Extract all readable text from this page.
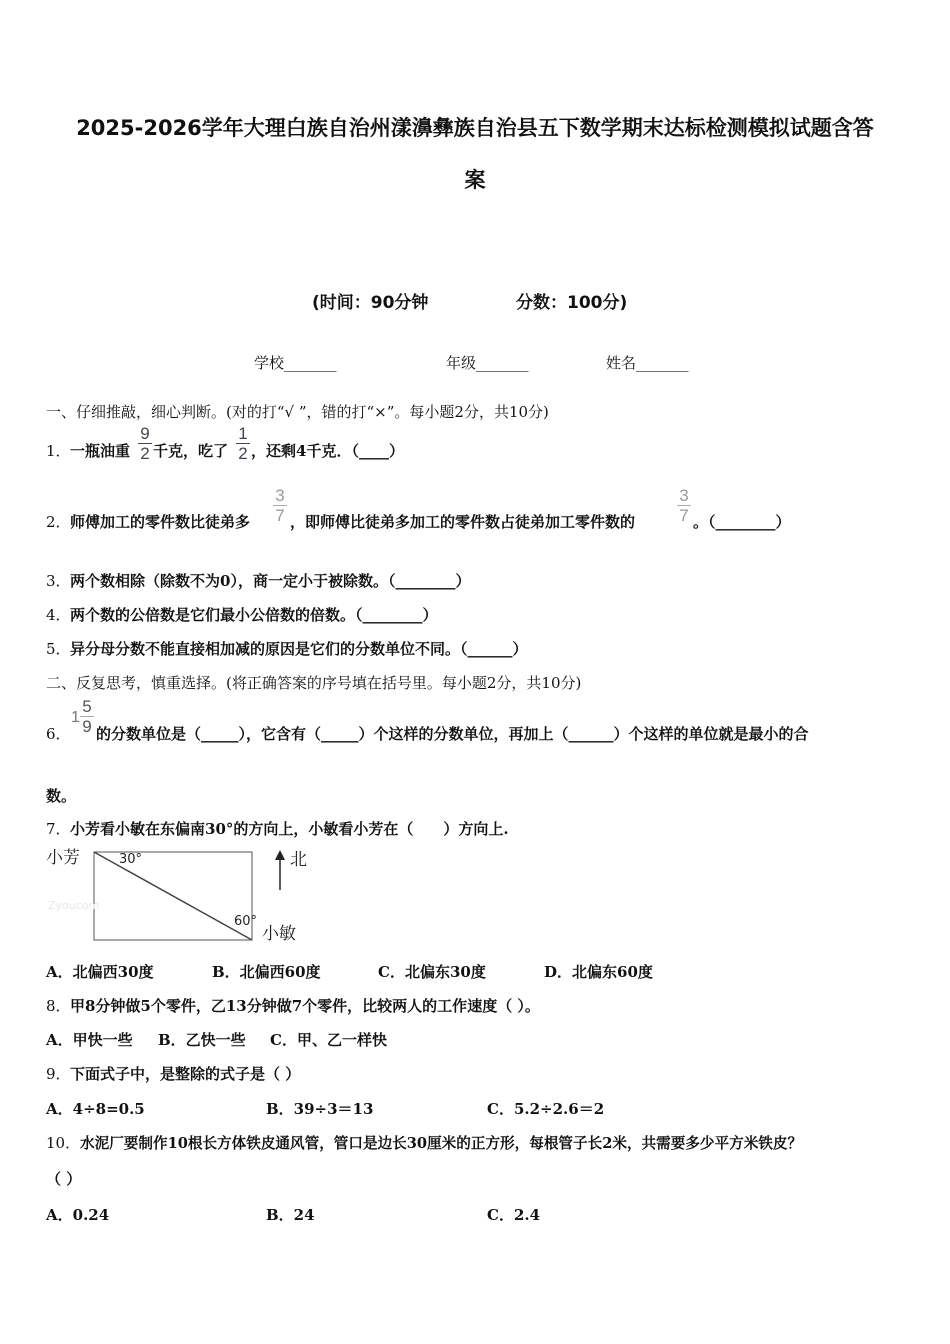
2025-2026学年大理白族自治州漾濞彝族自治县五下数学期末达标检测模拟试题含答
案
(时间：90分钟	分数：100分)
学校_______	年级_______	姓名_______
一、仔细推敲，细心判断。(对的打“√ ”，错的打“×”。每小题2分，共10分)
1． 一瓶油重 $\frac{9}{2}$ 千克，吃了 $\frac{1}{2}$ ，还剩4千克．（____）
2． 师傅加工的零件数比徒弟多 $\frac{3}{7}$ ，即师傅比徒弟多加工的零件数占徒弟加工零件数的 $\frac{3}{7}$ 。（________）
3． 两个数相除（除数不为0），商一定小于被除数。（________）
4． 两个数的公倍数是它们最小公倍数的倍数。（________）
5． 异分母分数不能直接相加减的原因是它们的分数单位不同。（______）
二、反复思考，慎重选择。(将正确答案的序号填在括号里。每小题2分，共10分)
6．
$1 \frac{5}{9}$ 的分数单位是（_____），它含有（_____）个这样的分数单位，再加上（______）个这样的单位就是最小的合
数。
7． 小芳看小敏在东偏南30°的方向上，小敏看小芳在（　　）方向上.
小芳	30°
60°
小敏
Zyoucom
北
A．北偏西30度	B．北偏西60度	C．北偏东30度	D．北偏东60度
8． 甲8分钟做5个零件，乙13分钟做7个零件，比较两人的工作速度（ ）。
A．甲快一些 B．乙快一些 C．甲、乙一样快
9． 下面式子中，是整除的式子是（ ）
A．4÷8=0.5	B．39÷3＝13	C．5.2÷2.6＝2
10． 水泥厂要制作10根长方体铁皮通风管，管口是边长30厘米的正方形，每根管子长2米，共需要多少平方米铁皮？
（ ）
A．0.24	B．24	C．2.4
